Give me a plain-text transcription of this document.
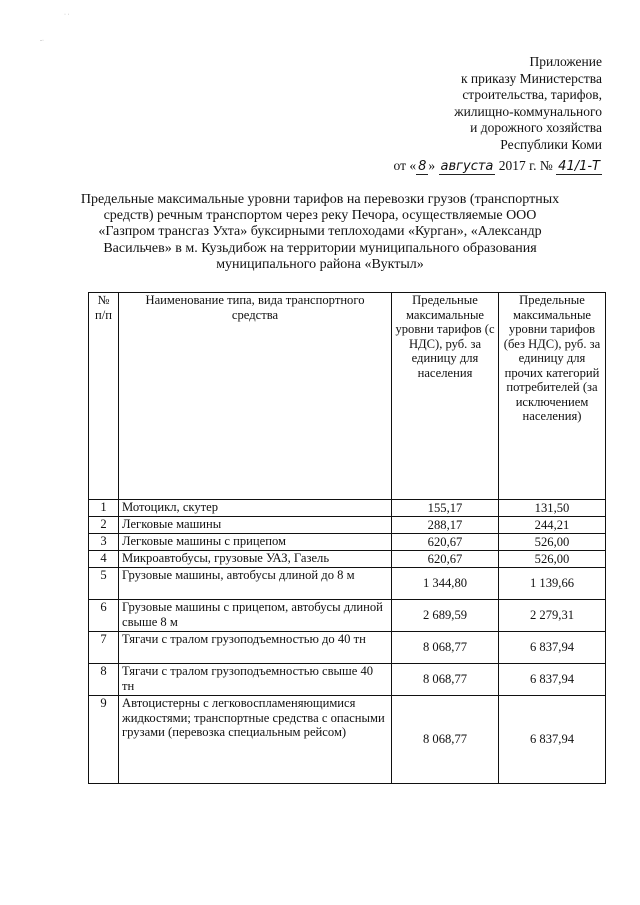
· ·
-·
Приложение
к приказу Министерства
строительства, тарифов,
жилищно-коммунального
и дорожного хозяйства
Республики Коми
от « 8 » августа 2017 г. № 41/1-Т
Предельные максимальные уровни тарифов на перевозки грузов (транспортных средств) речным транспортом через реку Печора, осуществляемые ООО «Газпром трансгаз Ухта» буксирными теплоходами «Курган», «Александр Васильчев» в м. Кузьдибож на территории муниципального образования муниципального района «Вуктыл»
№ п/п	Наименование типа, вида транспортного средства	Предельные максимальные уровни тарифов (с НДС), руб. за единицу для населения	Предельные максимальные уровни тарифов (без НДС), руб. за единицу для прочих категорий потребителей (за исключением населения)
1	Мотоцикл, скутер	155,17	131,50
2	Легковые машины	288,17	244,21
3	Легковые машины с прицепом	620,67	526,00
4	Микроавтобусы, грузовые УАЗ, Газель	620,67	526,00
5	Грузовые машины, автобусы длиной до 8 м	1 344,80	1 139,66
6	Грузовые машины с прицепом, автобусы длиной свыше 8 м	2 689,59	2 279,31
7	Тягачи с тралом грузоподъемностью до 40 тн	8 068,77	6 837,94
8	Тягачи с тралом грузоподъемностью свыше 40 тн	8 068,77	6 837,94
9	Автоцистерны с легковоспламеняющимися жидкостями; транспортные средства с опасными грузами (перевозка специальным рейсом)	8 068,77	6 837,94
